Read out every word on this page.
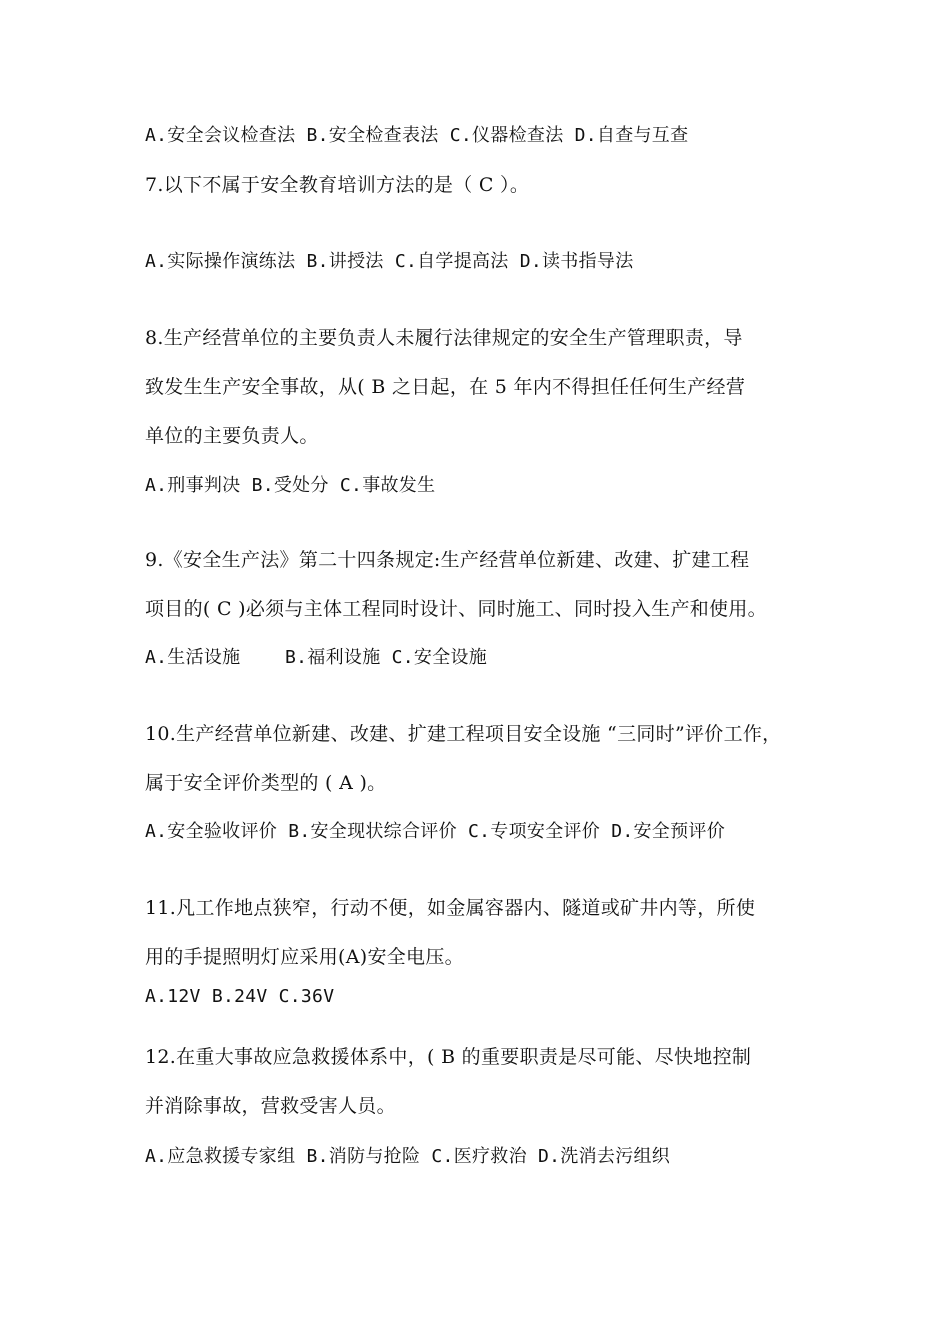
A.安全会议检查法 B.安全检查表法 C.仪器检查法 D.自查与互查
7.以下不属于安全教育培训方法的是（ C ）。
A.实际操作演练法 B.讲授法 C.自学提高法 D.读书指导法
8.生产经营单位的主要负责人未履行法律规定的安全生产管理职责，导
致发生生产安全事故，从( B 之日起，在 5 年内不得担任任何生产经营
单位的主要负责人。
A.刑事判决 B.受处分 C.事故发生
9.《安全生产法》第二十四条规定:生产经营单位新建、改建、扩建工程
项目的( C )必须与主体工程同时设计、同时施工、同时投入生产和使用。
A.生活设施    B.福利设施 C.安全设施
10.生产经营单位新建、改建、扩建工程项目安全设施 “三同时”评价工作，
属于安全评价类型的 ( A )。
A.安全验收评价 B.安全现状综合评价 C.专项安全评价 D.安全预评价
11.凡工作地点狭窄，行动不便，如金属容器内、隧道或矿井内等，所使
用的手提照明灯应采用(A)安全电压。
A.12V B.24V C.36V
12.在重大事故应急救援体系中，( B 的重要职责是尽可能、尽快地控制
并消除事故，营救受害人员。
A.应急救援专家组 B.消防与抢险 C.医疗救治 D.洗消去污组织
